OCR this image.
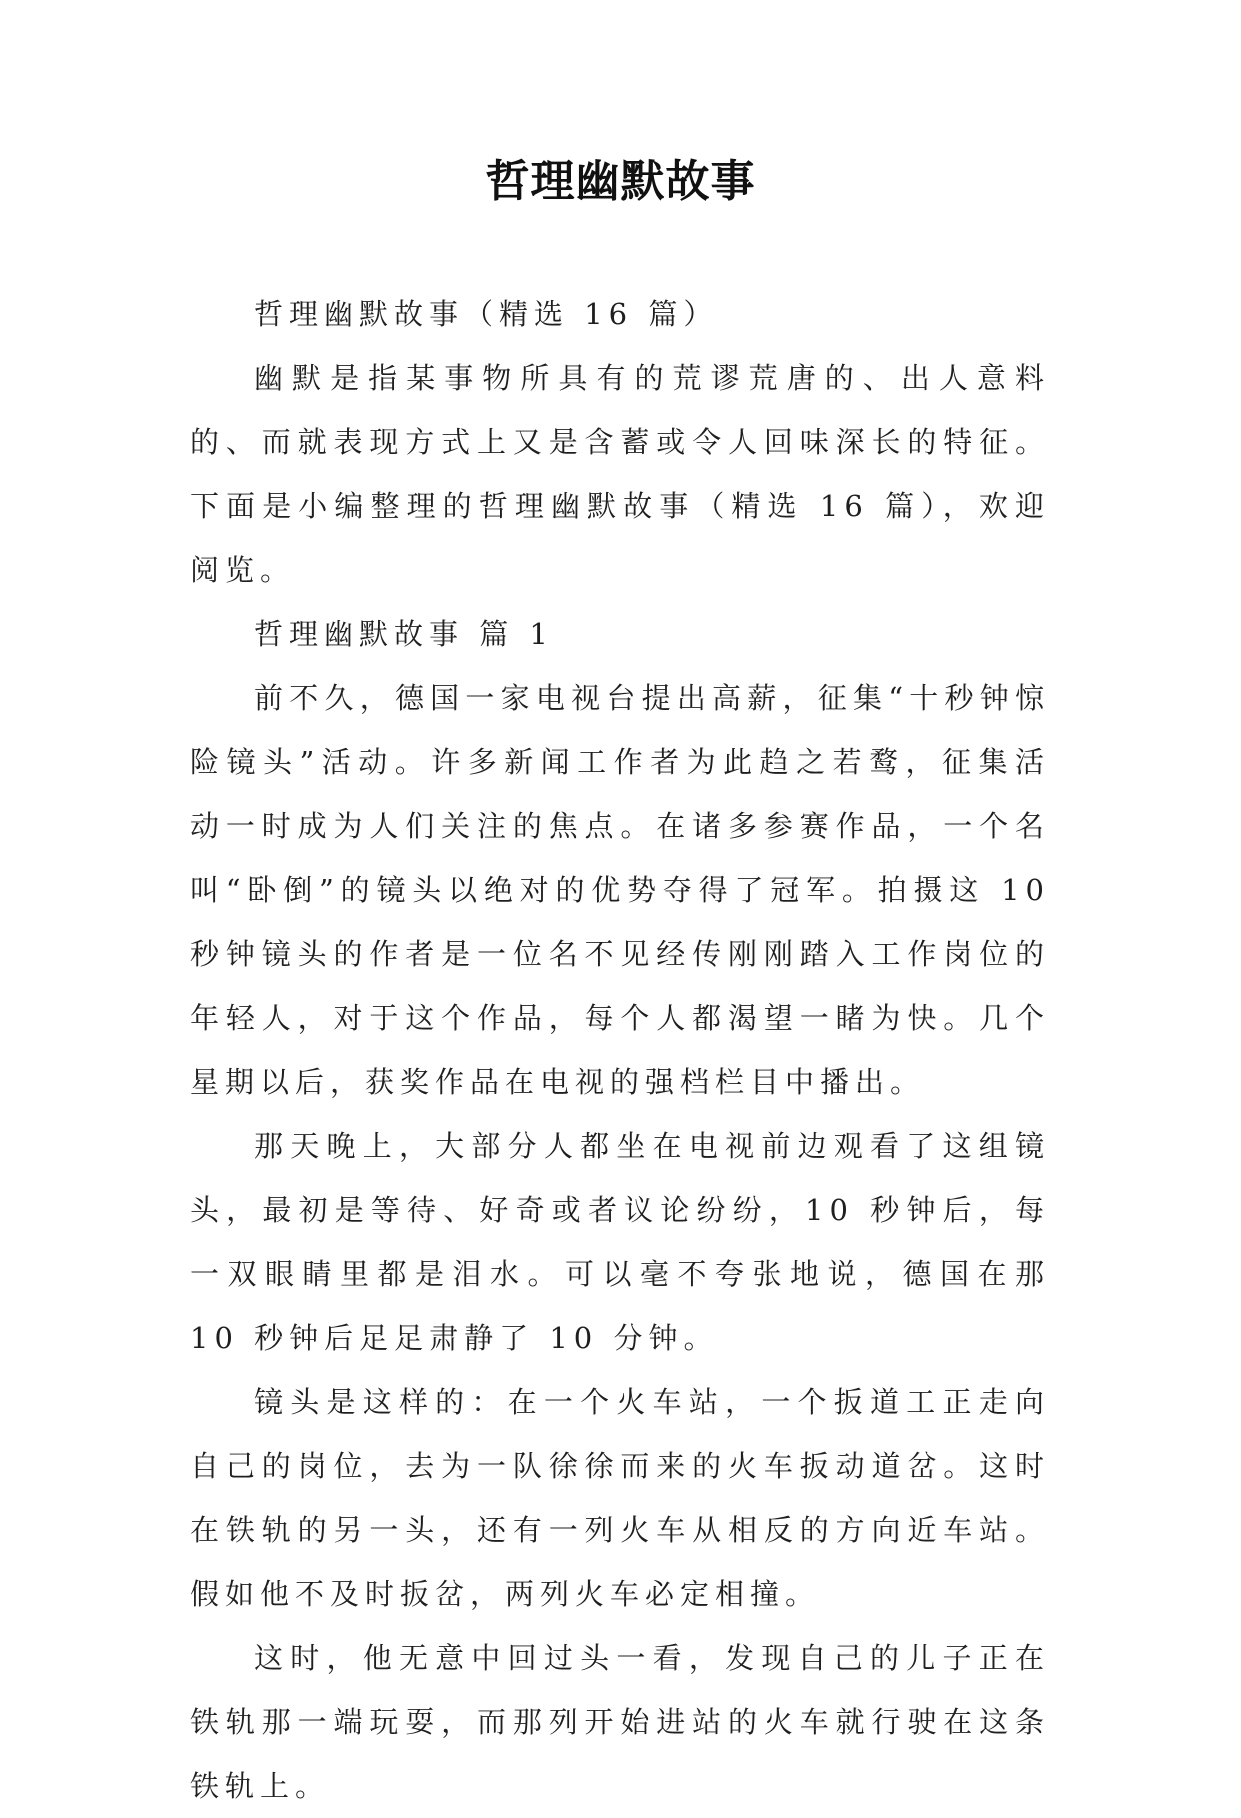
哲理幽默故事

哲理幽默故事（精选 16 篇）

幽默是指某事物所具有的荒谬荒唐的、出人意料的、而就表现方式上又是含蓄或令人回味深长的特征。下面是小编整理的哲理幽默故事（精选 16 篇），欢迎阅览。

哲理幽默故事 篇 1

前不久，德国一家电视台提出高薪，征集“十秒钟惊险镜头”活动。许多新闻工作者为此趋之若鹜，征集活动一时成为人们关注的焦点。在诸多参赛作品，一个名叫“卧倒”的镜头以绝对的优势夺得了冠军。拍摄这 10 秒钟镜头的作者是一位名不见经传刚刚踏入工作岗位的年轻人，对于这个作品，每个人都渴望一睹为快。几个星期以后，获奖作品在电视的强档栏目中播出。

那天晚上，大部分人都坐在电视前边观看了这组镜头，最初是等待、好奇或者议论纷纷，10 秒钟后，每一双眼睛里都是泪水。可以毫不夸张地说，德国在那 10 秒钟后足足肃静了 10 分钟。

镜头是这样的：在一个火车站，一个扳道工正走向自己的岗位，去为一队徐徐而来的火车扳动道岔。这时在铁轨的另一头，还有一列火车从相反的方向近车站。假如他不及时扳岔，两列火车必定相撞。

这时，他无意中回过头一看，发现自己的儿子正在铁轨那一端玩耍，而那列开始进站的火车就行驶在这条铁轨上。
